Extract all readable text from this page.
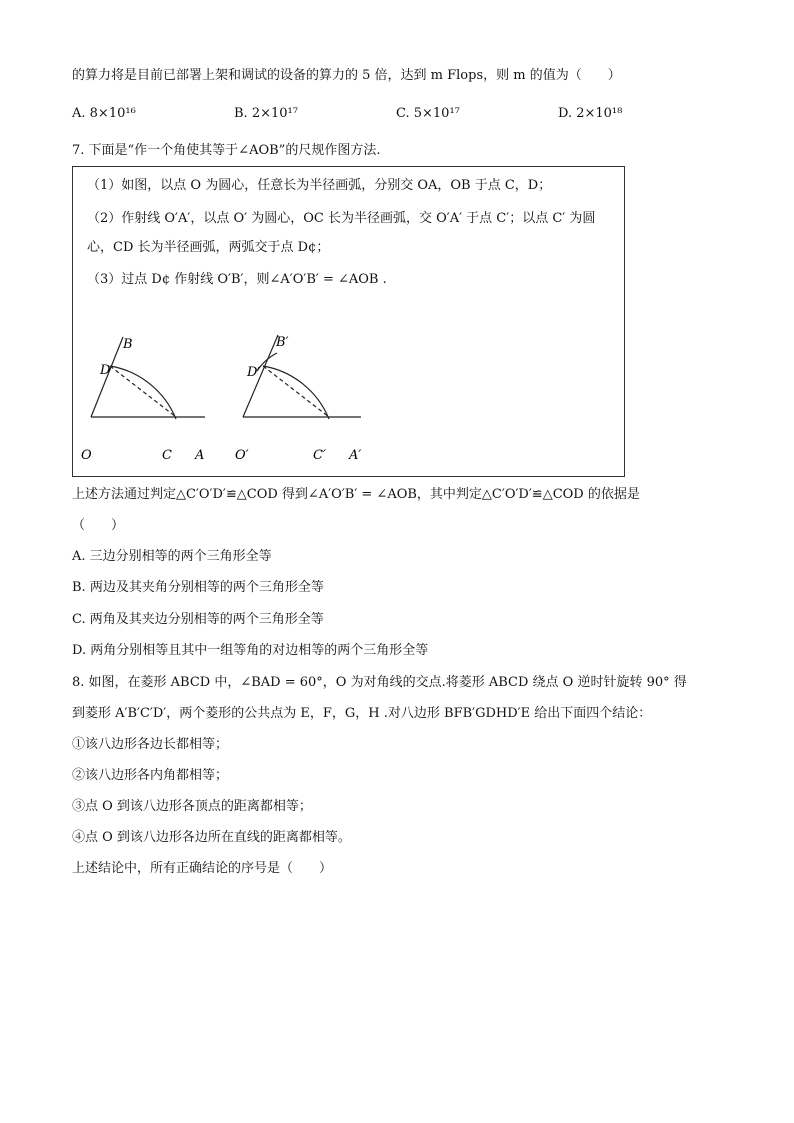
的算力将是目前已部署上架和调试的设备的算力的 5 倍，达到 m Flops，则 m 的值为（　　）
A. 8×10¹⁶	B. 2×10¹⁷	C. 5×10¹⁷	D. 2×10¹⁸
7. 下面是“作一个角使其等于∠AOB”的尺规作图方法.
（1）如图，以点 O 为圆心，任意长为半径画弧，分别交 OA，OB 于点 C，D；
（2）作射线 O′A′，以点 O′ 为圆心，OC 长为半径画弧，交 O′A′ 于点 C′；以点 C′ 为圆
心，CD 长为半径画弧，两弧交于点 D¢；
（3）过点 D¢ 作射线 O′B′，则∠A′O′B′ = ∠AOB .
B
D
O	C A
B′
D′
O′	C′ A′
上述方法通过判定△C′O′D′≌△COD 得到∠A′O′B′ = ∠AOB，其中判定△C′O′D′≌△COD 的依据是
（　　）
A. 三边分别相等的两个三角形全等
B. 两边及其夹角分别相等的两个三角形全等
C. 两角及其夹边分别相等的两个三角形全等
D. 两角分别相等且其中一组等角的对边相等的两个三角形全等
8. 如图，在菱形 ABCD 中，∠BAD = 60°，O 为对角线的交点.将菱形 ABCD 绕点 O 逆时针旋转 90° 得
到菱形 A′B′C′D′，两个菱形的公共点为 E，F，G，H .对八边形 BFB′GDHD′E 给出下面四个结论：
①该八边形各边长都相等；
②该八边形各内角都相等；
③点 O 到该八边形各顶点的距离都相等；
④点 O 到该八边形各边所在直线的距离都相等。
上述结论中，所有正确结论的序号是（　　）
